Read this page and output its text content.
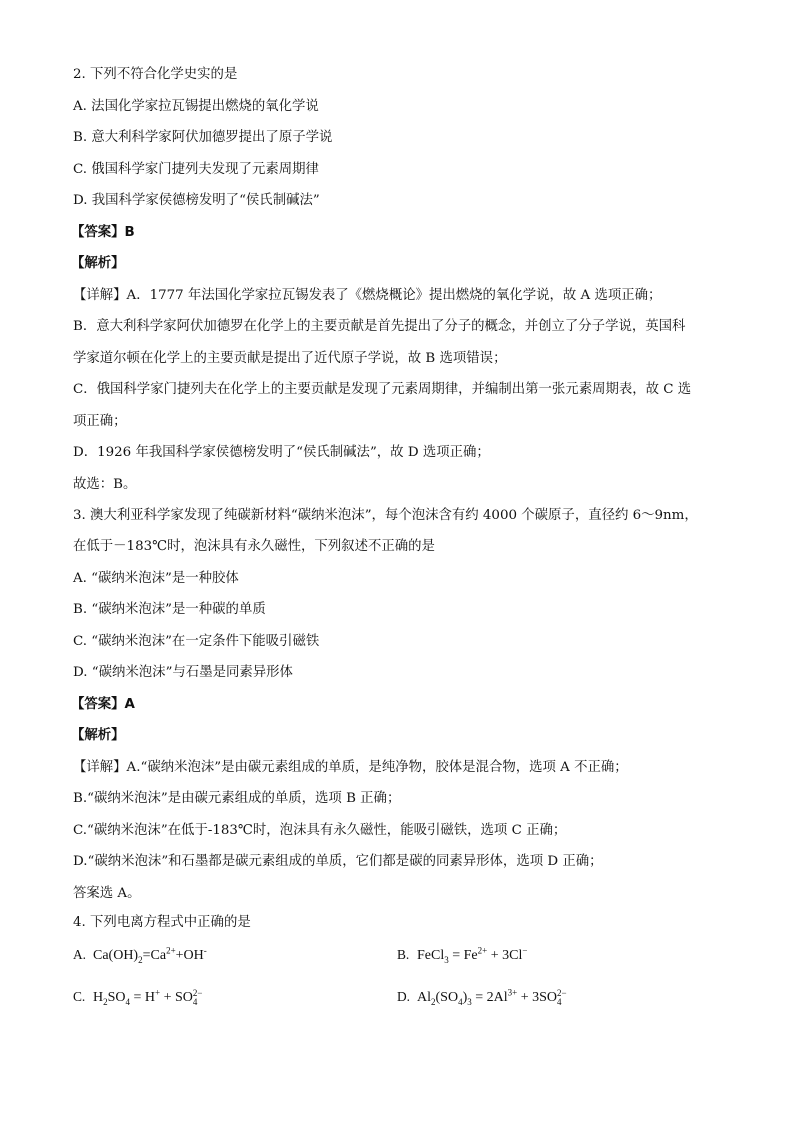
2. 下列不符合化学史实的是
A. 法国化学家拉瓦锡提出燃烧的氧化学说
B. 意大利科学家阿伏加德罗提出了原子学说
C. 俄国科学家门捷列夫发现了元素周期律
D. 我国科学家侯德榜发明了“侯氏制碱法”
【答案】B
【解析】
【详解】A．1777 年法国化学家拉瓦锡发表了《燃烧概论》提出燃烧的氧化学说，故 A 选项正确；
B．意大利科学家阿伏加德罗在化学上的主要贡献是首先提出了分子的概念，并创立了分子学说，英国科
学家道尔顿在化学上的主要贡献是提出了近代原子学说，故 B 选项错误；
C．俄国科学家门捷列夫在化学上的主要贡献是发现了元素周期律，并编制出第一张元素周期表，故 C 选
项正确；
D．1926 年我国科学家侯德榜发明了“侯氏制碱法”，故 D 选项正确；
故选：B。
3. 澳大利亚科学家发现了纯碳新材料“碳纳米泡沫”，每个泡沫含有约 4000 个碳原子，直径约 6～9nm，
在低于－183℃时，泡沫具有永久磁性，下列叙述不正确的是
A. “碳纳米泡沫”是一种胶体
B. “碳纳米泡沫”是一种碳的单质
C. “碳纳米泡沫”在一定条件下能吸引磁铁
D. “碳纳米泡沫”与石墨是同素异形体
【答案】A
【解析】
【详解】A.“碳纳米泡沫”是由碳元素组成的单质，是纯净物，胶体是混合物，选项 A 不正确；
B.“碳纳米泡沫”是由碳元素组成的单质，选项 B 正确；
C.“碳纳米泡沫”在低于-183℃时，泡沫具有永久磁性，能吸引磁铁，选项 C 正确；
D.“碳纳米泡沫”和石墨都是碳元素组成的单质，它们都是碳的同素异形体，选项 D 正确；
答案选 A。
4. 下列电离方程式中正确的是
A. $Ca(OH)_2=Ca^{2+}+OH^-$	B. FeCl$_3$ = $Fe^{2+} + 3Cl^-$
C. $H_2SO_4 = H^+$ + SO 2−
4	D. $Al_2(SO_4)_3 = 2Al^{3+} + 3SO$ 2−
4
